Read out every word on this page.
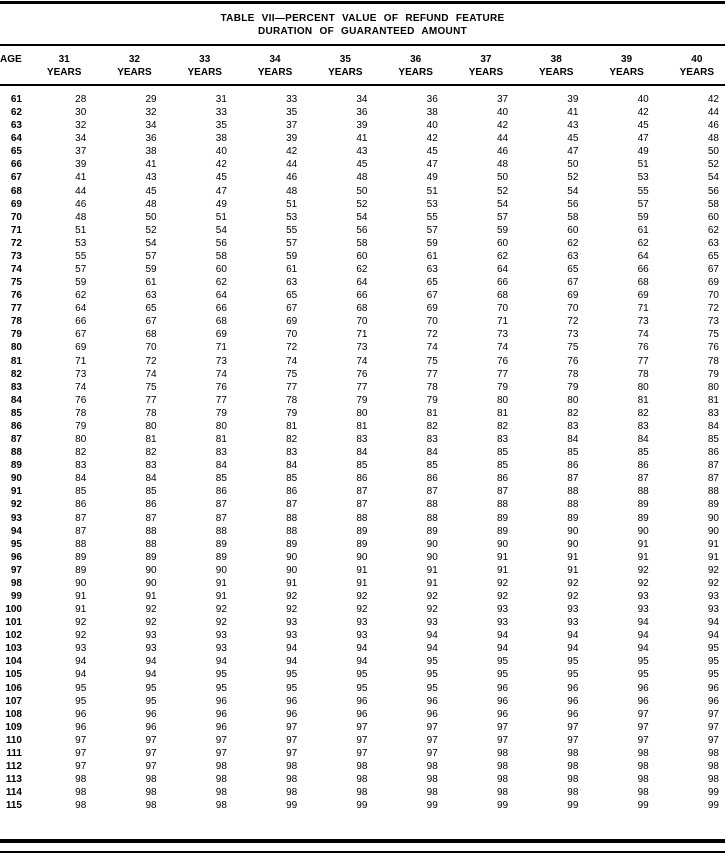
TABLE VII—PERCENT VALUE OF REFUND FEATURE
DURATION OF GUARANTEED AMOUNT
AGE	31	32	33	34	35	36	37	38	39	40
YEARS	YEARS	YEARS	YEARS	YEARS	YEARS	YEARS	YEARS	YEARS	YEARS
61	28	29	31	33	34	36	37	39	40	42
62	30	32	33	35	36	38	40	41	42	44
63	32	34	35	37	39	40	42	43	45	46
64	34	36	38	39	41	42	44	45	47	48
65	37	38	40	42	43	45	46	47	49	50
66	39	41	42	44	45	47	48	50	51	52
67	41	43	45	46	48	49	50	52	53	54
68	44	45	47	48	50	51	52	54	55	56
69	46	48	49	51	52	53	54	56	57	58
70	48	50	51	53	54	55	57	58	59	60
71	51	52	54	55	56	57	59	60	61	62
72	53	54	56	57	58	59	60	62	62	63
73	55	57	58	59	60	61	62	63	64	65
74	57	59	60	61	62	63	64	65	66	67
75	59	61	62	63	64	65	66	67	68	69
76	62	63	64	65	66	67	68	69	69	70
77	64	65	66	67	68	69	70	70	71	72
78	66	67	68	69	70	70	71	72	73	73
79	67	68	69	70	71	72	73	73	74	75
80	69	70	71	72	73	74	74	75	76	76
81	71	72	73	74	74	75	76	76	77	78
82	73	74	74	75	76	77	77	78	78	79
83	74	75	76	77	77	78	79	79	80	80
84	76	77	77	78	79	79	80	80	81	81
85	78	78	79	79	80	81	81	82	82	83
86	79	80	80	81	81	82	82	83	83	84
87	80	81	81	82	83	83	83	84	84	85
88	82	82	83	83	84	84	85	85	85	86
89	83	83	84	84	85	85	85	86	86	87
90	84	84	85	85	86	86	86	87	87	87
91	85	85	86	86	87	87	87	88	88	88
92	86	86	87	87	87	88	88	88	89	89
93	87	87	87	88	88	88	89	89	89	90
94	87	88	88	88	89	89	89	90	90	90
95	88	88	89	89	89	90	90	90	91	91
96	89	89	89	90	90	90	91	91	91	91
97	89	90	90	90	91	91	91	91	92	92
98	90	90	91	91	91	91	92	92	92	92
99	91	91	91	92	92	92	92	92	93	93
100	91	92	92	92	92	92	93	93	93	93
101	92	92	92	93	93	93	93	93	94	94
102	92	93	93	93	93	94	94	94	94	94
103	93	93	93	94	94	94	94	94	94	95
104	94	94	94	94	94	95	95	95	95	95
105	94	94	95	95	95	95	95	95	95	95
106	95	95	95	95	95	95	96	96	96	96
107	95	95	96	96	96	96	96	96	96	96
108	96	96	96	96	96	96	96	96	97	97
109	96	96	96	97	97	97	97	97	97	97
110	97	97	97	97	97	97	97	97	97	97
111	97	97	97	97	97	97	98	98	98	98
112	97	97	98	98	98	98	98	98	98	98
113	98	98	98	98	98	98	98	98	98	98
114	98	98	98	98	98	98	98	98	98	99
115	98	98	98	99	99	99	99	99	99	99
